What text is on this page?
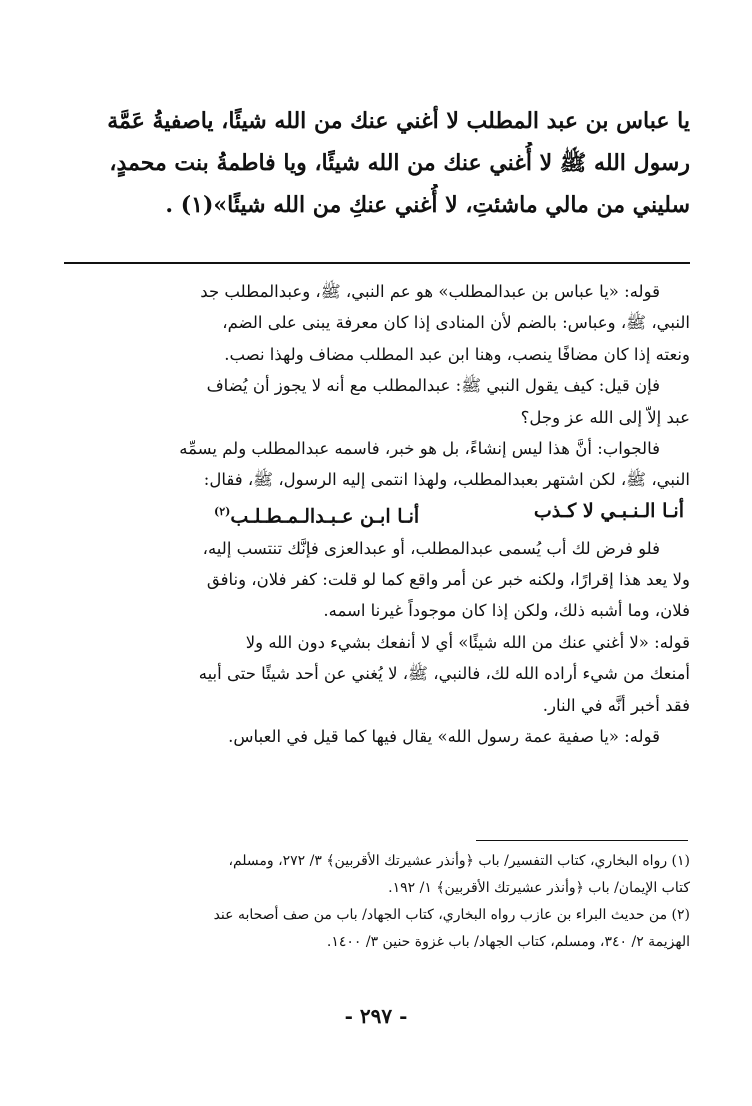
يا عباس بن عبد المطلب لا أغني عنك من الله شيئًا، ياصفيةُ عَمَّة

رسول الله ﷺ لا أُغني عنك من الله شيئًا، ويا فاطمةُ بنت محمدٍ،

سليني من مالي ماشئتِ، لا أُغني عنكِ من الله شيئًا»(١) .

قوله: «يا عباس بن عبدالمطلب» هو عم النبي، ﷺ، وعبدالمطلب جد

النبي، ﷺ، وعباس: بالضم لأن المنادى إذا كان معرفة يبنى على الضم،

ونعته إذا كان مضافًا ينصب، وهنا ابن عبد المطلب مضاف ولهذا نصب.

فإن قيل: كيف يقول النبي ﷺ: عبدالمطلب مع أنه لا يجوز أن يُضاف

عبد إلاّ إلى الله عز وجل؟

فالجواب: أنَّ هذا ليس إنشاءً، بل هو خبر، فاسمه عبدالمطلب ولم يسمِّه

النبي، ﷺ، لكن اشتهر بعبدالمطلب، ولهذا انتمى إليه الرسول، ﷺ، فقال:

أنـا الـنـبـي لا كـذب
أنـا ابـن عـبـدالـمـطـلـب$^{(٢)}$

فلو فرض لك أب يُسمى عبدالمطلب، أو عبدالعزى فإنَّك تنتسب إليه،

ولا يعد هذا إقرارًا، ولكنه خبر عن أمر واقع كما لو قلت: كفر فلان، ونافق

فلان، وما أشبه ذلك، ولكن إذا كان موجوداً غيرنا اسمه.

قوله: «لا أغني عنك من الله شيئًا» أي لا أنفعك بشيء دون الله ولا

أمنعك من شيء أراده الله لك، فالنبي، ﷺ، لا يُغني عن أحد شيئًا حتى أبيه

فقد أخبر أنَّه في النار.

قوله: «يا صفية عمة رسول الله» يقال فيها كما قيل في العباس.

(١) رواه البخاري، كتاب التفسير/ باب ﴿وأنذر عشيرتك الأقربين﴾ ٣/ ٢٧٢، ومسلم،

كتاب الإيمان/ باب ﴿وأنذر عشيرتك الأقربين﴾ ١/ ١٩٢.

(٢) من حديث البراء بن عازب رواه البخاري، كتاب الجهاد/ باب من صف أصحابه عند

الهزيمة ٢/ ٣٤٠، ومسلم، كتاب الجهاد/ باب غزوة حنين ٣/ ١٤٠٠.

- ٢٩٧ -
